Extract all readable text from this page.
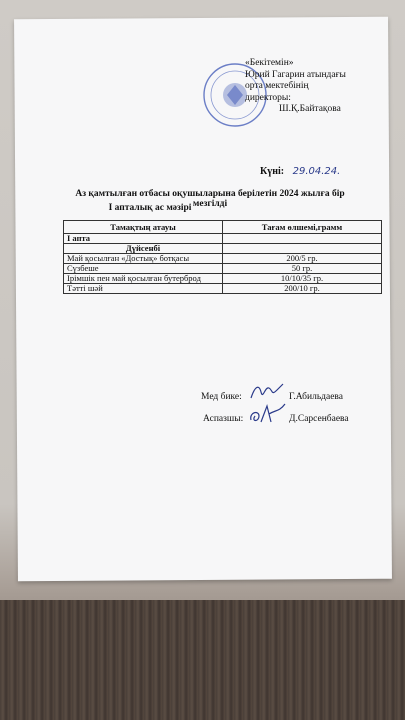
«Бекітемін»
Юрий Гагарин атындағы
орта мектебінің
директоры:
Ш.Қ.Байтақова
Күні: 29.04.24.
Аз қамтылған отбасы оқушыларына берілетін 2024 жылға бір мезгілді
I апталық ас мәзірі
Тамақтың атауы	Тағам өлшемі,грамм
I апта	
Дүйсенбі	
Май қосылған «Достық» ботқасы	200/5 гр.
Сүзбеше	50 гр.
Ірімшік пен май қосылған бутерброд	10/10/35 гр.
Тәтті шәй	200/10 гр.
Мед бике:	Г.Абильдаева
Аспазшы:	Д.Сарсенбаева
